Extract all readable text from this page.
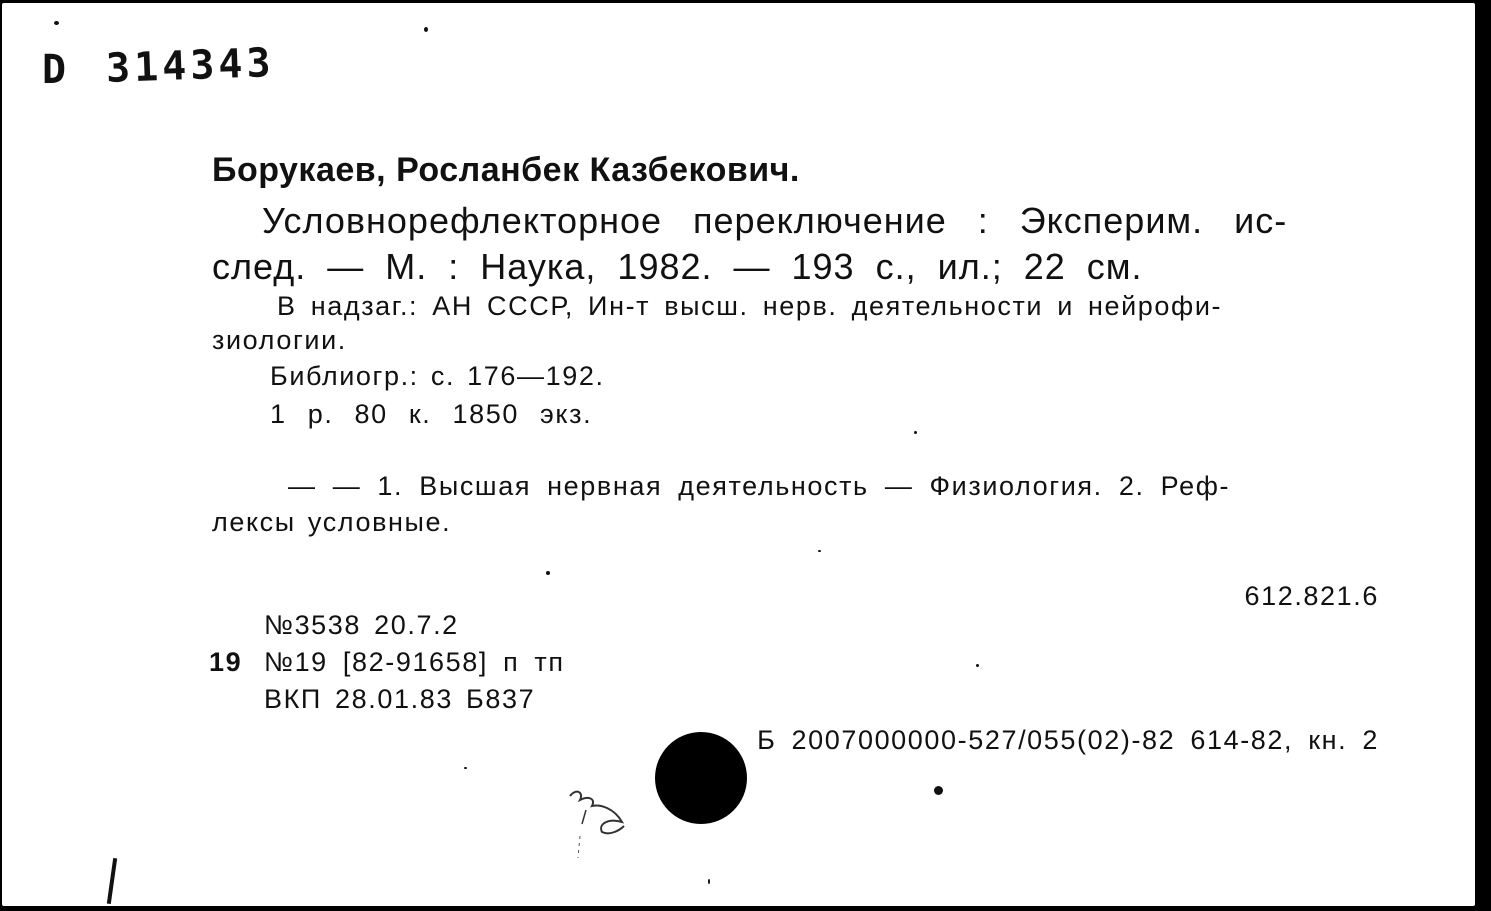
D 314343
Борукаев, Росланбек Казбекович.
Условнорефлекторное переключение : Эксперим. ис-
след. — М. : Наука, 1982. — 193 с., ил.; 22 см.
В надзаг.: АН СССР, Ин-т высш. нерв. деятельности и нейрофи-
зиологии.
Библиогр.: с. 176—192.
1 р. 80 к. 1850 экз.
— — 1. Высшая нервная деятельность — Физиология. 2. Реф-
лексы условные.
612.821.6
№3538 20.7.2
19 №19 [82-91658] п тп
ВКП 28.01.83 Б837
Б 2007000000-527/055(02)-82 614-82, кн. 2
